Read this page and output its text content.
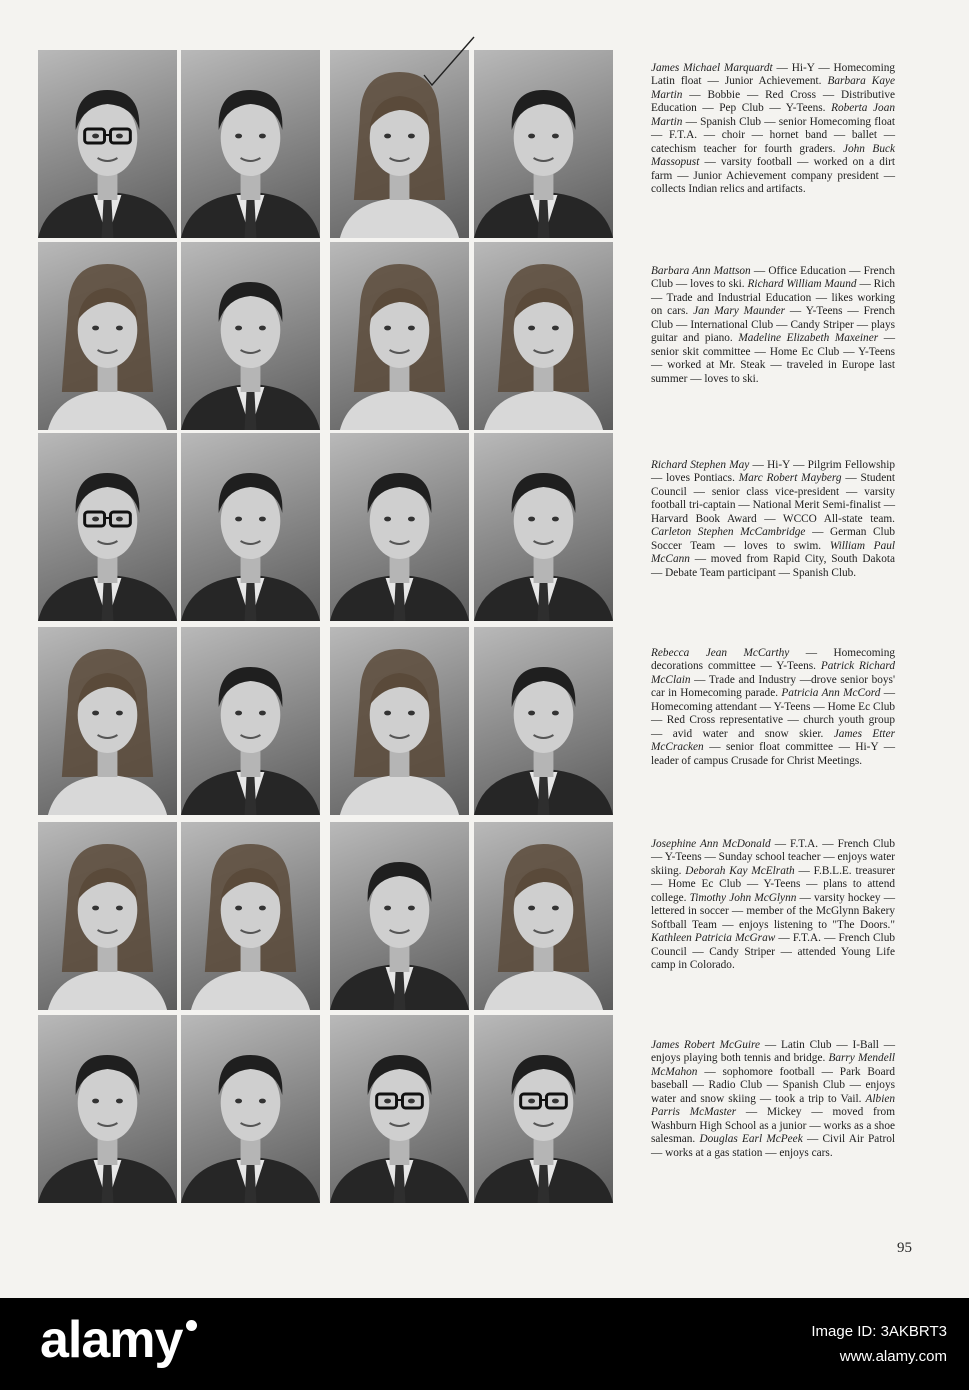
James Michael Marquardt — Hi-Y — Homecoming Latin float — Junior Achievement. Barbara Kaye Martin — Bobbie — Red Cross — Distributive Education — Pep Club — Y-Teens. Roberta Joan Martin — Spanish Club — senior Homecoming float — F.T.A. — choir — hornet band — ballet — catechism teacher for fourth graders. John Buck Massopust — varsity football — worked on a dirt farm — Junior Achievement company president — collects Indian relics and artifacts.
Barbara Ann Mattson — Office Education — French Club — loves to ski. Richard William Maund — Rich — Trade and Industrial Education — likes working on cars. Jan Mary Maunder — Y-Teens — French Club — International Club — Candy Striper — plays guitar and piano. Madeline Elizabeth Maxeiner — senior skit committee — Home Ec Club — Y-Teens — worked at Mr. Steak — traveled in Europe last summer — loves to ski.
Richard Stephen May — Hi-Y — Pilgrim Fellowship — loves Pontiacs. Marc Robert Mayberg — Student Council — senior class vice-president — varsity football tri-captain — National Merit Semi-finalist — Harvard Book Award — WCCO All-state team. Carleton Stephen McCambridge — German Club Soccer Team — loves to swim. William Paul McCann — moved from Rapid City, South Dakota — Debate Team participant — Spanish Club.
Rebecca Jean McCarthy — Homecoming decorations committee — Y-Teens. Patrick Richard McClain — Trade and Industry —drove senior boys' car in Homecoming parade. Patricia Ann McCord — Homecoming attendant — Y-Teens — Home Ec Club — Red Cross representative — church youth group — avid water and snow skier. James Etter McCracken — senior float committee — Hi-Y — leader of campus Crusade for Christ Meetings.
Josephine Ann McDonald — F.T.A. — French Club — Y-Teens — Sunday school teacher — enjoys water skiing. Deborah Kay McElrath — F.B.L.E. treasurer — Home Ec Club — Y-Teens — plans to attend college. Timothy John McGlynn — varsity hockey — lettered in soccer — member of the McGlynn Bakery Softball Team — enjoys listening to "The Doors." Kathleen Patricia McGraw — F.T.A. — French Club Council — Candy Striper — attended Young Life camp in Colorado.
James Robert McGuire — Latin Club — I-Ball — enjoys playing both tennis and bridge. Barry Mendell McMahon — sophomore football — Park Board baseball — Radio Club — Spanish Club — enjoys water and snow skiing — took a trip to Vail. Albien Parris McMaster — Mickey — moved from Washburn High School as a junior — works as a shoe salesman. Douglas Earl McPeek — Civil Air Patrol — works at a gas station — enjoys cars.
95
alamy	Image ID: 3AKBRT3
www.alamy.com
